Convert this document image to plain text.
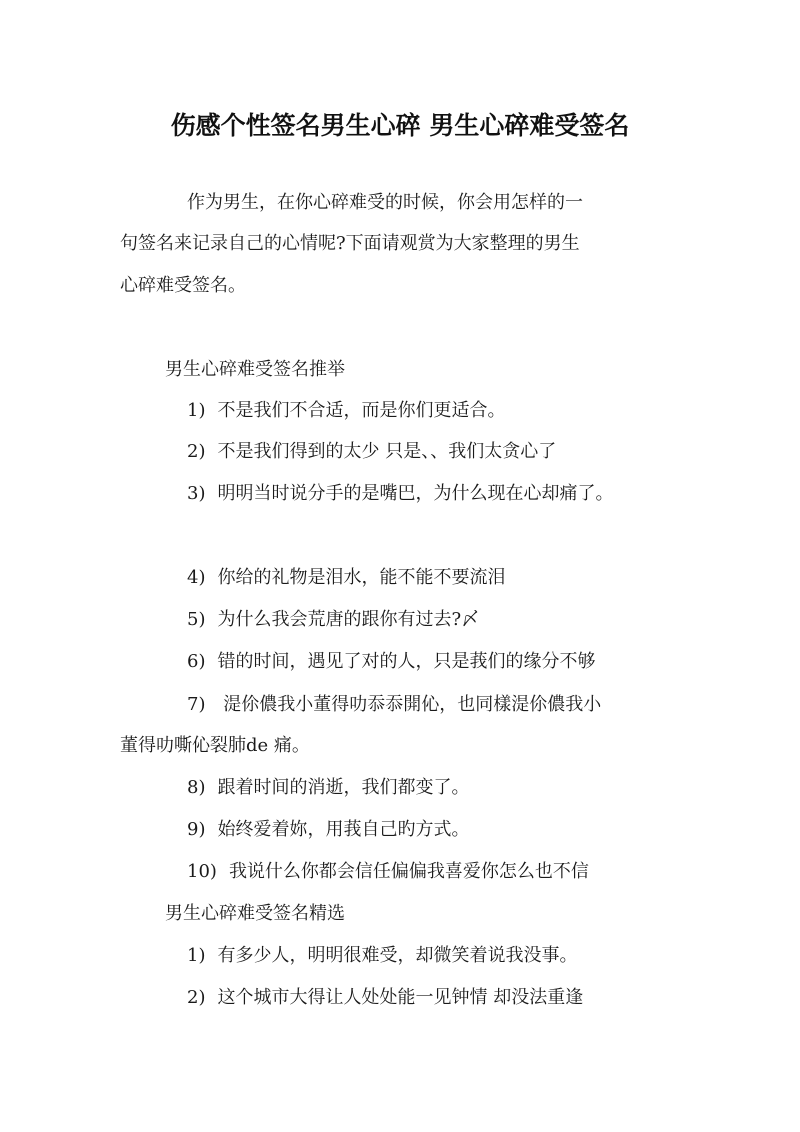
伤感个性签名男生心碎 男生心碎难受签名
作为男生，在你心碎难受的时候，你会用怎样的一
句签名来记录自己的心情呢?下面请观赏为大家整理的男生
心碎难受签名。
男生心碎难受签名推举
1) 不是我们不合适，而是你们更适合。
2) 不是我们得到的太少 只是、、我们太贪心了
3) 明明当时说分手的是嘴巴，为什么现在心却痛了。
4) 你给的礼物是泪水，能不能不要流泪
5) 为什么我会荒唐的跟你有过去?〆
6) 错的时间，遇见了对的人，只是莪们的缘分不够
7) 湜伱儂我小董得叻忝忝開伈，也同樣湜伱儂我小
董得叻嘶伈裂肺de 痛。
8) 跟着时间的消逝，我们都变了。
9) 始终爱着妳，用莪自己旳方式。
10) 我说什么你都会信任偏偏我喜爱你怎么也不信
男生心碎难受签名精选
1) 有多少人，明明很难受，却微笑着说我没事。
2) 这个城市大得让人处处能一见钟情 却没法重逢
